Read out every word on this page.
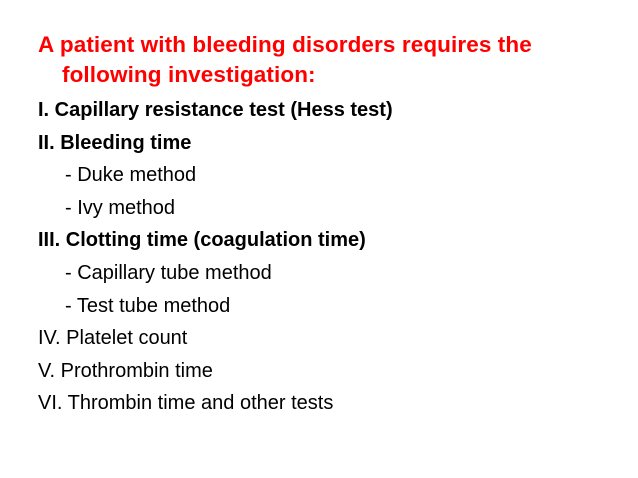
A patient with bleeding disorders requires the
following investigation:
I. Capillary resistance test (Hess test)
II. Bleeding time
- Duke method
- Ivy method
III. Clotting time (coagulation time)
- Capillary tube method
- Test tube method
IV. Platelet count
V. Prothrombin time
VI. Thrombin time and other tests
